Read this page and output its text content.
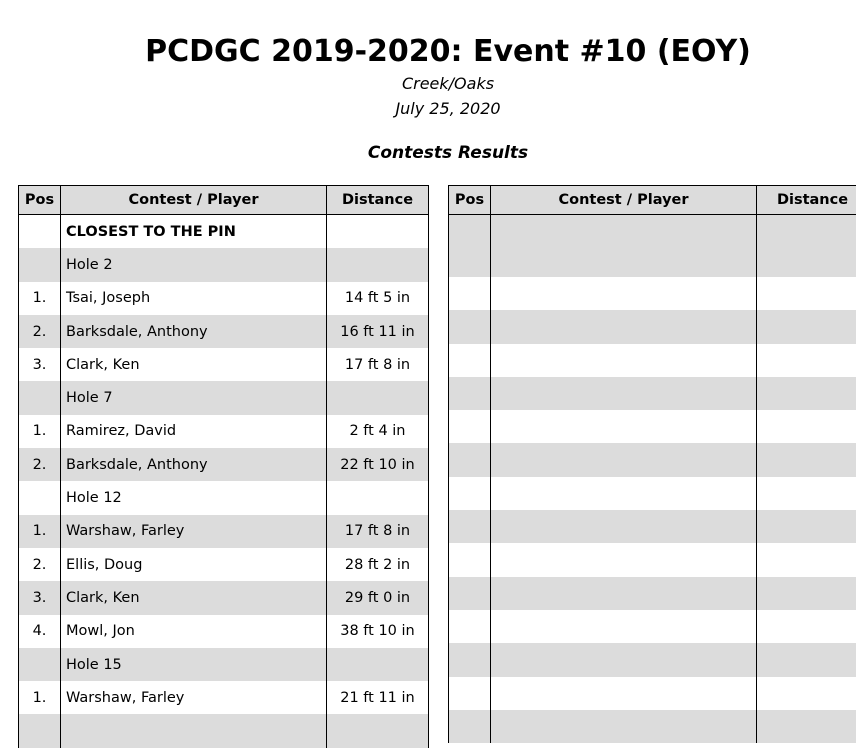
PCDGC 2019-2020: Event #10 (EOY)
Creek/Oaks
July 25, 2020
Contests Results
Pos	Contest / Player	Distance
	CLOSEST TO THE PIN	
	Hole 2	
1.	Tsai, Joseph	14 ft 5 in
2.	Barksdale, Anthony	16 ft 11 in
3.	Clark, Ken	17 ft 8 in
	Hole 7	
1.	Ramirez, David	2 ft 4 in
2.	Barksdale, Anthony	22 ft 10 in
	Hole 12	
1.	Warshaw, Farley	17 ft 8 in
2.	Ellis, Doug	28 ft 2 in
3.	Clark, Ken	29 ft 0 in
4.	Mowl, Jon	38 ft 10 in
	Hole 15	
1.	Warshaw, Farley	21 ft 11 in

Pos	Contest / Player	Distance
